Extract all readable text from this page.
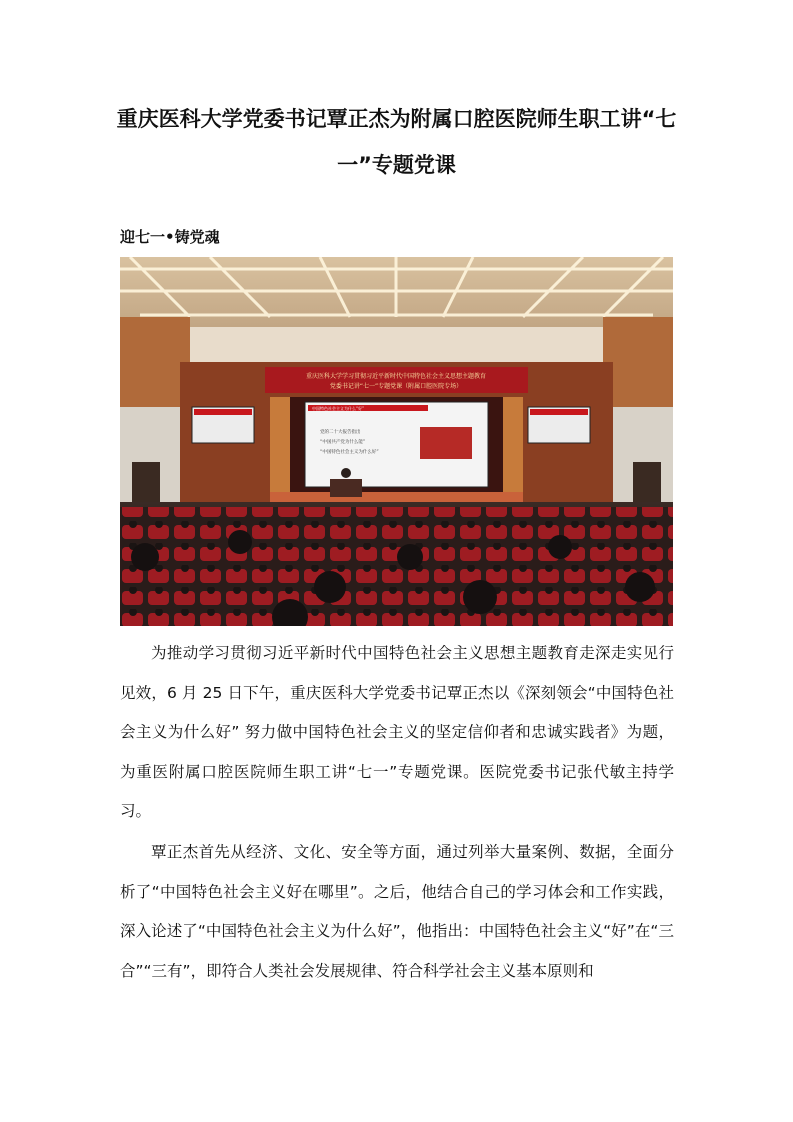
重庆医科大学党委书记覃正杰为附属口腔医院师生职工讲“七一”专题党课
迎七一•铸党魂
重庆医科大学学习贯彻习近平新时代中国特色社会主义思想主题教育
党委书记讲“七一”专题党课（附属口腔医院专场）
中国特色社会主义为什么“好”
党的二十大报告指出
“中国共产党为什么能”
“中国特色社会主义为什么好”

为推动学习贯彻习近平新时代中国特色社会主义思想主题教育走深走实见行见效，6 月 25 日下午，重庆医科大学党委书记覃正杰以《深刻领会“中国特色社会主义为什么好” 努力做中国特色社会主义的坚定信仰者和忠诚实践者》为题，为重医附属口腔医院师生职工讲“七一”专题党课。医院党委书记张代敏主持学习。

覃正杰首先从经济、文化、安全等方面，通过列举大量案例、数据，全面分析了“中国特色社会主义好在哪里”。之后，他结合自己的学习体会和工作实践，深入论述了“中国特色社会主义为什么好”，他指出：中国特色社会主义“好”在“三合”“三有”，即符合人类社会发展规律、符合科学社会主义基本原则和
